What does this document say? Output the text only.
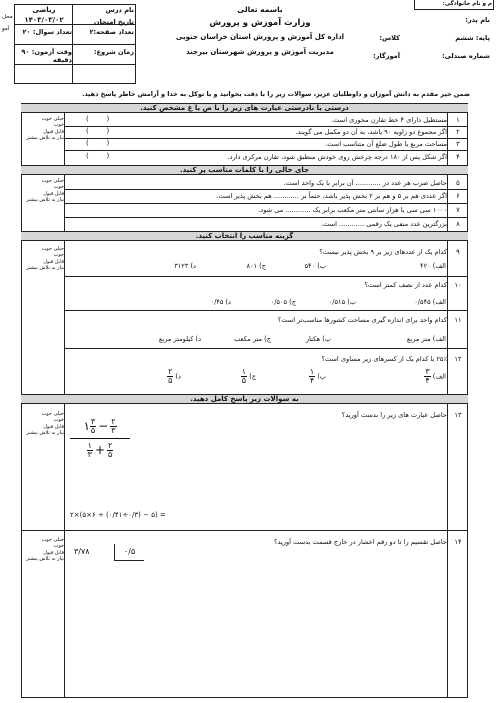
نام درس
ریاضی
تاریخ امتحان
۱۴۰۳/۰۳/۰۲
تعداد صفحه:۲
تعداد سوال: ۲۰
زمان شروع:
وقت آزمون: ۹۰ دقیقه
محل
آمو
باسمه تعالی
وزارت آموزش و پرورش
اداره کل آموزش و پرورش استان خراسان جنوبی
مدیریت آموزش و پرورش شهرستان بیرجند
م و نام خانوادگی:
نام پدر:
پایه: ششم
کلاس:
شماره صندلی:
آموزگار:
ضمن خیر مقدم به دانش آموزان و داوطلبان عزیز، سوالات زیر را با دقت بخوانید و با توکل به خدا و آرامش خاطر پاسخ دهید.
درستی یا نادرستی عبارت های زیر را با ص یا غ مشخص کنید.
خیلی خوب
خوب
قابل قبول
نیاز به تلاش بیشتر
۱
مستطیل دارای ۴ خط تقارن محوری است.
(        )
۲
اگر مجموع دو زاویه ۹۰ باشد، به آن دو مکمل می گویند.
(        )
۳
مساحت مربع با طول ضلع آن متناسب است.
(        )
۴
اگر شکل پس از ۱۸۰ درجه چرخش روی خودش منطبق شود، تقارن مرکزی دارد.
(        )
جای خالی را با کلمات مناسب پر کنید.
خیلی خوب
خوب
قابل قبول
نیاز به تلاش بیشتر
۵
حاصل ضرب هر عدد در ............ آن برابر با یک واحد است.
۶
اگر عددی هم بر ۵ و هم بر ۲ بخش پذیر باشد، حتماً بر ............ هم بخش پذیر است.
۷
۱۰۰۰ سی سی یا هزار سانتی متر مکعب برابر یک ............ می شود.
۸
بزرگترین عدد منفی یک رقمی ............ است.
گزینه مناسب را انتخاب کنید.
خیلی خوب
خوب
قابل قبول
نیاز به تلاش بیشتر
۹
کدام یک از عددهای زیر بر ۹ بخش پذیر نیست؟
الف) ۴۲۰
ب) ۵۴۰
ج) ۸۰۱
د) ۳۱۲۳
۱۰
کدام عدد از نصف کمتر است؟
الف) ۰/۵۴۵
ب) ۰/۵۱۵
ج) ۰/۵۰۵
د) ۰/۴۵
۱۱
کدام واحد برای اندازه گیری مساحت کشورها مناسب‌تر است؟
الف) متر مربع
ب) هکتار
ج) متر مکعب
د) کیلومتر مربع
۱۲
۲۵٪ با کدام یک از کسرهای زیر مساوی است؟
الف)
$\frac{۳}{۴}$
ب)
$\frac{۱}{۴}$
ج)
$\frac{۱}{۵}$
د)
$\frac{۲}{۵}$
به سوالات زیر پاسخ کامل دهید.
خیلی خوب
خوب
قابل قبول
نیاز به تلاش بیشتر
۱۳
حاصل عبارت های زیر را بدست آورید؟
۱ $\frac{۳}{۵} - \frac{۲}{۳}$
$\frac{۱}{۳} + \frac{۲}{۵}$
۲×(۵×۶ ÷ (۰/۴۱÷۰/۳) − ۵) =
خیلی خوب
خوب
قابل قبول
نیاز به تلاش بیشتر
۱۴
حاصل تقسیم را تا دو رقم اعشار در خارج قسمت بدست آورید؟
۳/۷۸	۰/۵
